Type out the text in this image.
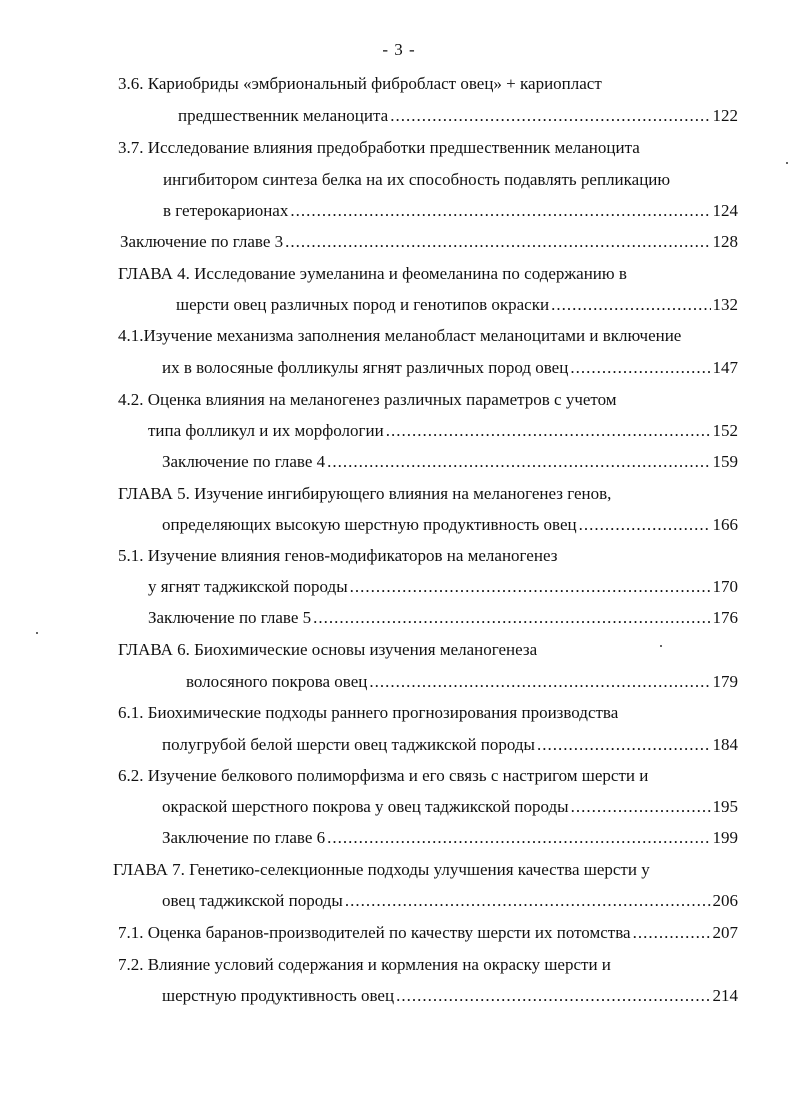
- 3 -
3.6. Кариобриды «эмбриональный фибробласт овец» + кариопласт
предшественник меланоцита .....	122
3.7. Исследование влияния предобработки предшественник меланоцита
ингибитором синтеза белка на их способность подавлять репликацию
в гетерокарионах .....	124
Заключение по главе 3 .....	128
ГЛАВА 4. Исследование эумеланина и феомеланина по содержанию в
шерсти овец различных пород и генотипов окраски .....	132
4.1.Изучение механизма заполнения меланобласт меланоцитами и включение
их в волосяные фолликулы ягнят различных пород овец .....	147
4.2. Оценка влияния на меланогенез различных параметров с учетом
типа фолликул и их морфологии .....	152
Заключение по главе 4 .....	159
ГЛАВА 5. Изучение ингибирующего влияния на меланогенез генов,
определяющих высокую шерстную продуктивность овец .....	166
5.1. Изучение влияния генов-модификаторов на меланогенез
у ягнят таджикской породы .....	170
Заключение по главе 5 .....	176
ГЛАВА 6. Биохимические основы изучения меланогенеза
волосяного покрова овец .....	179
6.1. Биохимические подходы раннего прогнозирования производства
полугрубой белой шерсти овец таджикской породы .....	184
6.2. Изучение белкового полиморфизма и его связь с настригом шерсти и
окраской шерстного покрова у овец таджикской породы .....	195
Заключение по главе 6 .....	199
ГЛАВА 7. Генетико-селекционные подходы улучшения качества шерсти у
овец таджикской породы .....	206
7.1. Оценка баранов-производителей по качеству шерсти их потомства .....	207
7.2. Влияние условий содержания и кормления на окраску шерсти и
шерстную продуктивность овец .....	214
